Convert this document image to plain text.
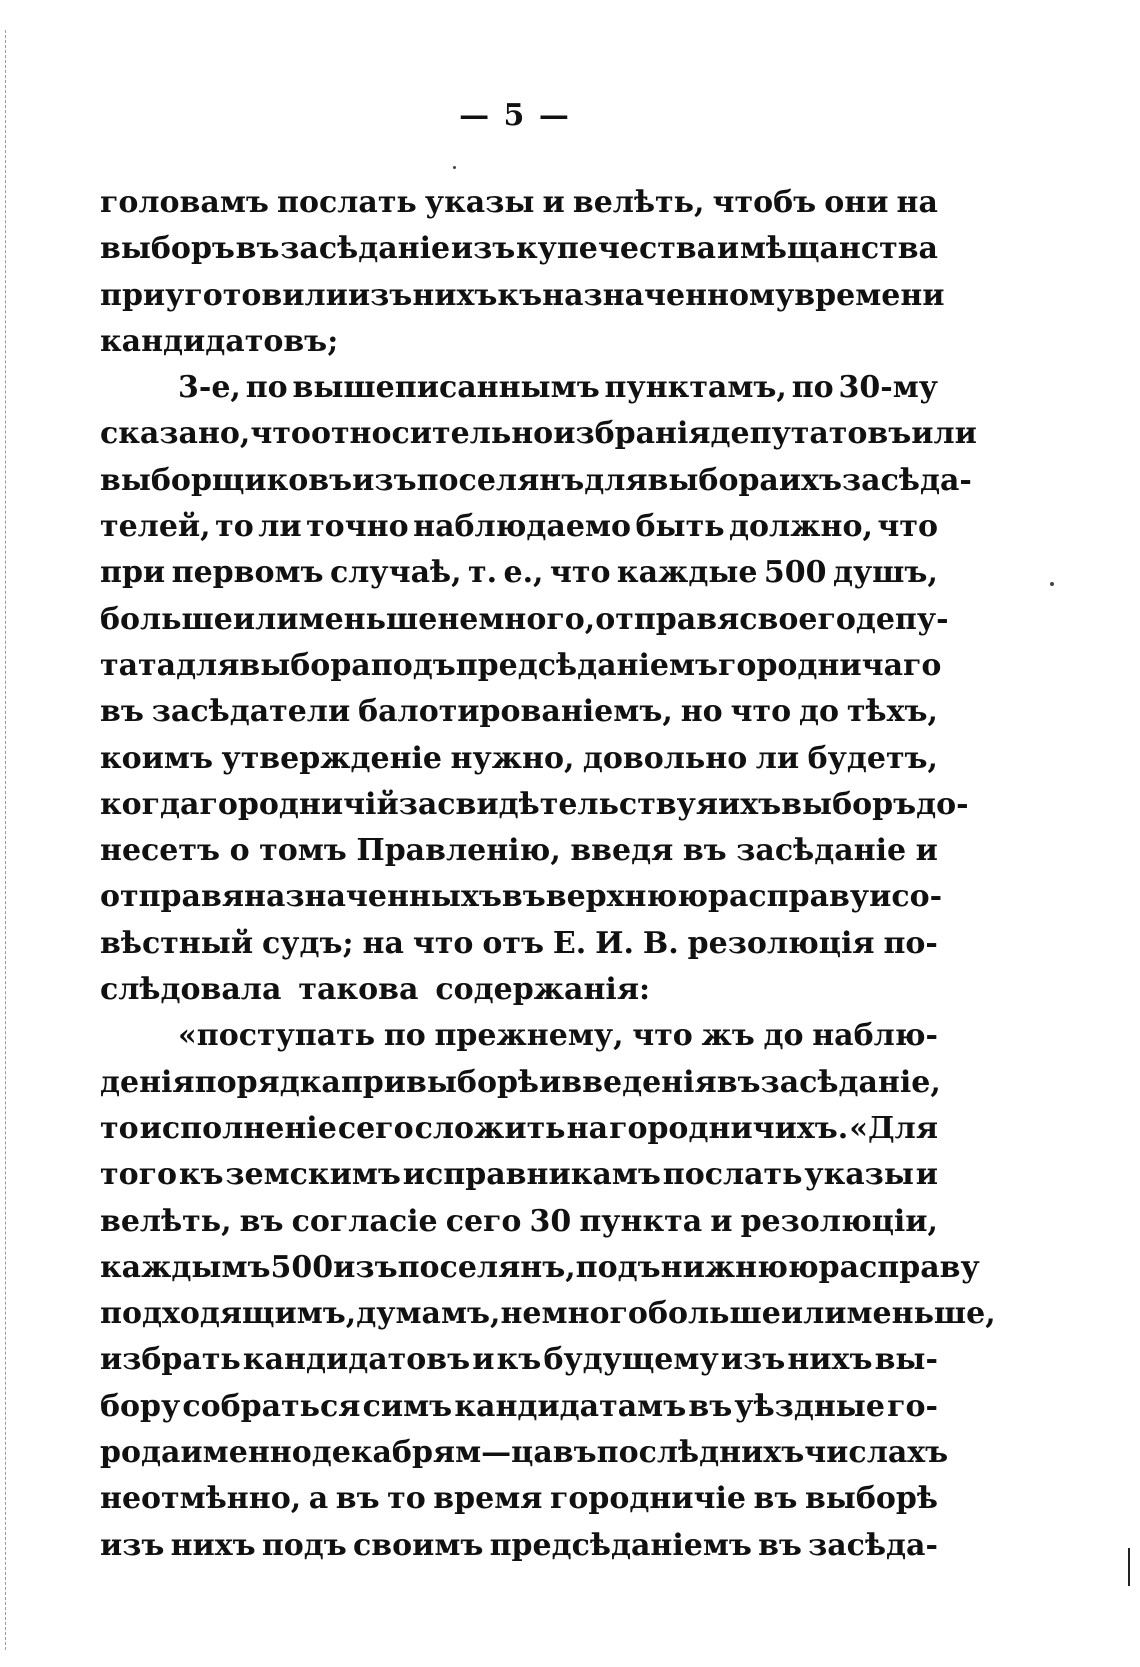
— 5 —
головамъ послать указы и велѣть, чтобъ они на
выборъ въ засѣданіе изъ купечества и мѣщанства
приуготовили изъ нихъ къ назначенному времени
кандидатовъ;
3-е, по вышеписаннымъ пунктамъ, по 30-му
сказано, что относительно избранія депутатовъ или
выборщиковъ изъ поселянъ для выбора ихъ засѣда-
телей, то ли точно наблюдаемо быть должно, что
при первомъ случаѣ, т. е., что каждые 500 душъ,
больше или меньше немного, отправя своего депу-
тата для выбора подъ предсѣданіемъ городничаго
въ засѣдатели балотированіемъ, но что до тѣхъ,
коимъ утвержденіе нужно, довольно ли будетъ,
когда городничій засвидѣтельствуя ихъ выборъ до-
несетъ о томъ Правленію, введя въ засѣданіе и
отправя назначенныхъ въ верхнюю расправу и со-
вѣстный судъ; на что отъ Е. И. В. резолюція по-
слѣдовала такова содержанія:
«поступать по прежнему, что жъ до наблю-
денія порядка при выборѣ и введенія въ засѣданіе,
то исполненіе сего сложить на городничихъ. «Для
того къ земскимъ исправникамъ послать указы и
велѣть, въ согласіе сего 30 пункта и резолюціи,
каждымъ 500 изъ поселянъ, подъ нижнюю расправу
подходящимъ, думамъ, немного больше или меньше,
избрать кандидатовъ и къ будущему изъ нихъ вы-
бору собраться симъ кандидатамъ въ уѣздные го-
рода именно декабря м—ца въ послѣднихъ числахъ
неотмѣнно, а въ то время городничіе въ выборѣ
изъ нихъ подъ своимъ предсѣданіемъ въ засѣда-
